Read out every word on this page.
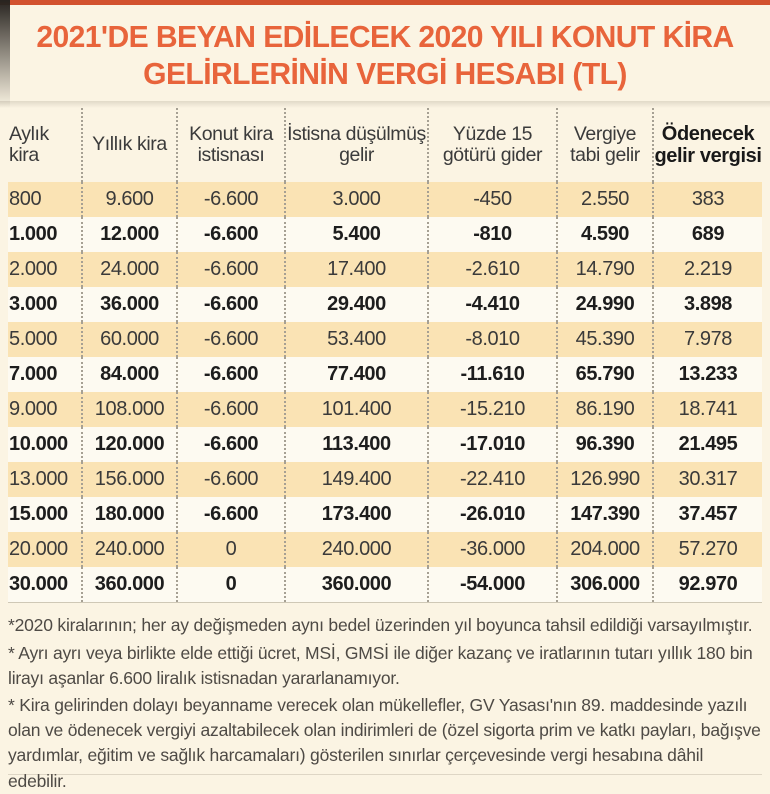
2021'DE BEYAN EDİLECEK 2020 YILI KONUT KİRA
GELİRLERİNİN VERGİ HESABI (TL)
Aylık kira	Yıllık kira	Konut kira istisnası	İstisna düşülmüş gelir	Yüzde 15 götürü gider	Vergiye tabi gelir	Ödenecek gelir vergisi
800	9.600	-6.600	3.000	-450	2.550	383
1.000	12.000	-6.600	5.400	-810	4.590	689
2.000	24.000	-6.600	17.400	-2.610	14.790	2.219
3.000	36.000	-6.600	29.400	-4.410	24.990	3.898
5.000	60.000	-6.600	53.400	-8.010	45.390	7.978
7.000	84.000	-6.600	77.400	-11.610	65.790	13.233
9.000	108.000	-6.600	101.400	-15.210	86.190	18.741
10.000	120.000	-6.600	113.400	-17.010	96.390	21.495
13.000	156.000	-6.600	149.400	-22.410	126.990	30.317
15.000	180.000	-6.600	173.400	-26.010	147.390	37.457
20.000	240.000	0	240.000	-36.000	204.000	57.270
30.000	360.000	0	360.000	-54.000	306.000	92.970

*2020 kiralarının; her ay değişmeden aynı bedel üzerinden yıl boyunca tahsil edildiği varsayılmıştır.

* Ayrı ayrı veya birlikte elde ettiği ücret, MSİ, GMSİ ile diğer kazanç ve iratlarının tutarı yıllık 180 bin lirayı aşanlar 6.600 liralık istisnadan yararlanamıyor.

* Kira gelirinden dolayı beyanname verecek olan mükellefler, GV Yasası'nın 89. maddesinde yazılı olan ve ödenecek vergiyi azaltabilecek olan indirimleri de (özel sigorta prim ve katkı payları, bağışve yardımlar, eğitim ve sağlık harcamaları) gösterilen sınırlar çerçevesinde vergi hesabına dâhil edebilir.
